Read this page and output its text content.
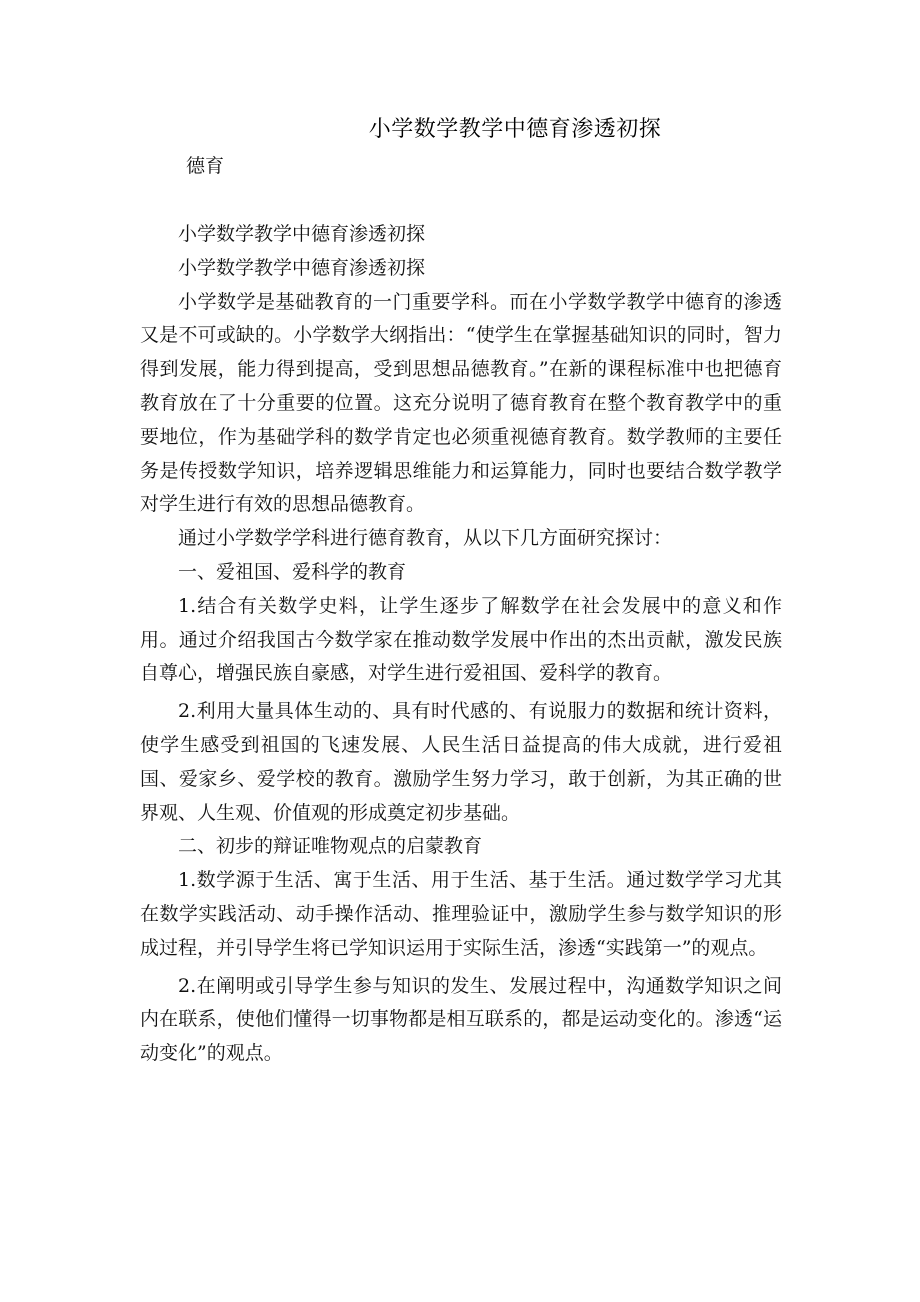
小学数学教学中德育渗透初探
德育

小学数学教学中德育渗透初探

小学数学教学中德育渗透初探

小学数学是基础教育的一门重要学科。而在小学数学教学中德育的渗透又是不可或缺的。小学数学大纲指出：“使学生在掌握基础知识的同时，智力得到发展，能力得到提高，受到思想品德教育。”在新的课程标准中也把德育教育放在了十分重要的位置。这充分说明了德育教育在整个教育教学中的重要地位，作为基础学科的数学肯定也必须重视德育教育。数学教师的主要任务是传授数学知识，培养逻辑思维能力和运算能力，同时也要结合数学教学对学生进行有效的思想品德教育。

通过小学数学学科进行德育教育，从以下几方面研究探讨：

一、爱祖国、爱科学的教育

1.结合有关数学史料，让学生逐步了解数学在社会发展中的意义和作用。通过介绍我国古今数学家在推动数学发展中作出的杰出贡献，激发民族自尊心，增强民族自豪感，对学生进行爱祖国、爱科学的教育。

2.利用大量具体生动的、具有时代感的、有说服力的数据和统计资料，使学生感受到祖国的飞速发展、人民生活日益提高的伟大成就，进行爱祖国、爱家乡、爱学校的教育。激励学生努力学习，敢于创新，为其正确的世界观、人生观、价值观的形成奠定初步基础。

二、初步的辩证唯物观点的启蒙教育

1.数学源于生活、寓于生活、用于生活、基于生活。通过数学学习尤其在数学实践活动、动手操作活动、推理验证中，激励学生参与数学知识的形成过程，并引导学生将已学知识运用于实际生活，渗透“实践第一”的观点。

2.在阐明或引导学生参与知识的发生、发展过程中，沟通数学知识之间内在联系，使他们懂得一切事物都是相互联系的，都是运动变化的。渗透“运动变化”的观点。
